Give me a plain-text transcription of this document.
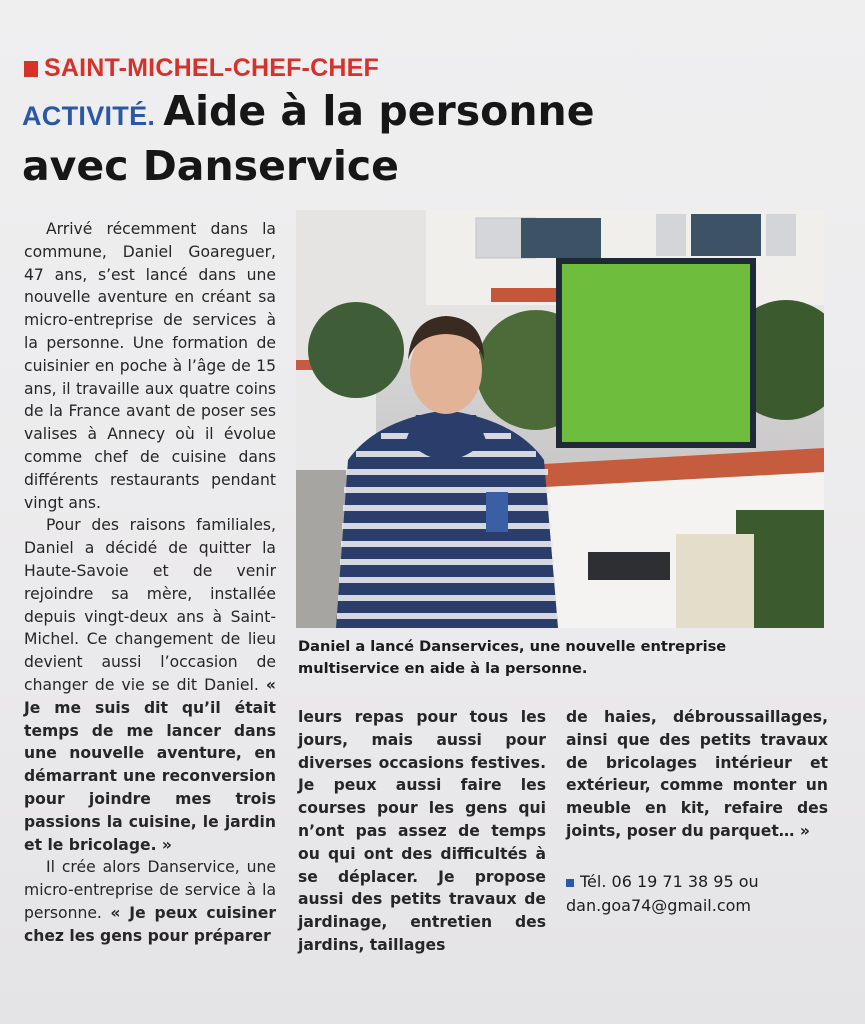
SAINT-MICHEL-CHEF-CHEF
ACTIVITÉ. Aide à la personne
avec Danservice

Arrivé récemment dans la commune, Daniel Goareguer, 47 ans, s’est lancé dans une nouvelle aventure en créant sa micro-entreprise de services à la personne. Une formation de cuisinier en poche à l’âge de 15 ans, il travaille aux quatre coins de la France avant de poser ses valises à Annecy où il évolue comme chef de cuisine dans différents restaurants pendant vingt ans.

Pour des raisons familiales, Daniel a décidé de quitter la Haute-Savoie et de venir rejoindre sa mère, installée depuis vingt-deux ans à Saint-Michel. Ce changement de lieu devient aussi l’occasion de changer de vie se dit Daniel. « Je me suis dit qu’il était temps de me lancer dans une nouvelle aventure, en démarrant une reconversion pour joindre mes trois passions la cuisine, le jardin et le bricolage. »

Il crée alors Danservice, une micro-entreprise de service à la personne. « Je peux cuisiner chez les gens pour préparer

Daniel a lancé Danservices, une nouvelle entreprise multiservice en aide à la personne.

leurs repas pour tous les jours, mais aussi pour diverses occasions festives. Je peux aussi faire les courses pour les gens qui n’ont pas assez de temps ou qui ont des difficultés à se déplacer. Je propose aussi des petits travaux de jardinage, entretien des jardins, taillages

de haies, débroussaillages, ainsi que des petits travaux de bricolages intérieur et extérieur, comme monter un meuble en kit, refaire des joints, poser du parquet… »

Tél. 06 19 71 38 95 ou
dan.goa74@gmail.com
